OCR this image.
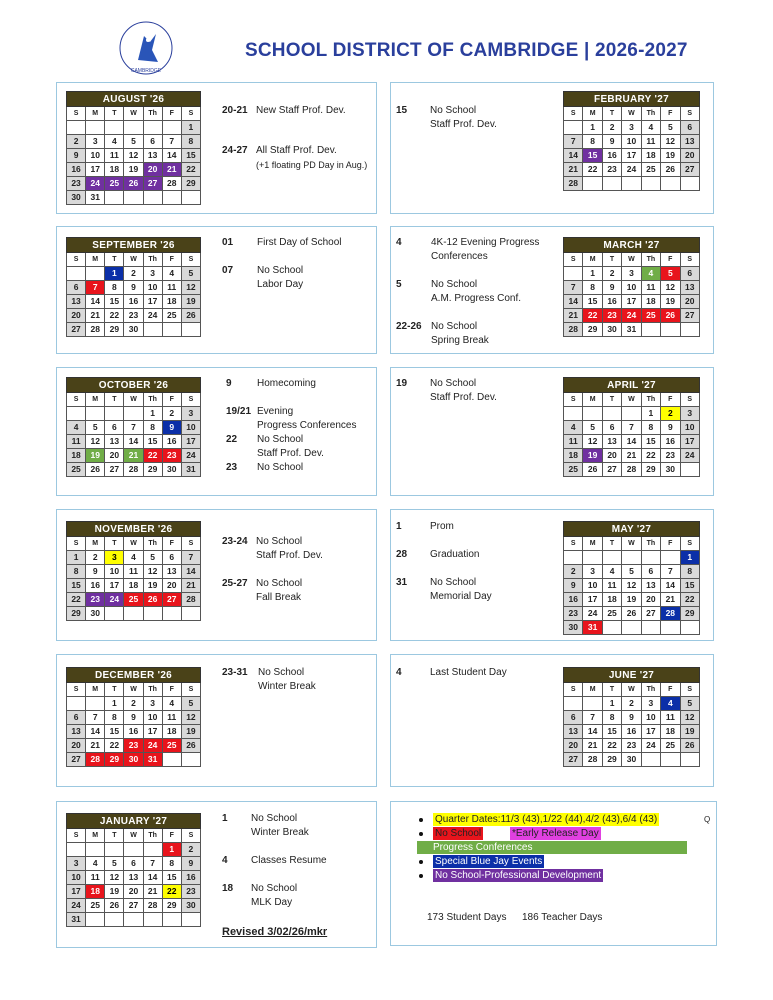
CAMBRIDGE
SCHOOL DISTRICT OF CAMBRIDGE | 2026-2027
AUGUST '26						
S	M	T	W	Th	F	S
						1
2	3	4	5	6	7	8
9	10	11	12	13	14	15
16	17	18	19	20	21	22
23	24	25	26	27	28	29
30	31					
FEBRUARY '27						
S	M	T	W	Th	F	S
	1	2	3	4	5	6
7	8	9	10	11	12	13
14	15	16	17	18	19	20
21	22	23	24	25	26	27
28						
SEPTEMBER '26						
S	M	T	W	Th	F	S
		1	2	3	4	5
6	7	8	9	10	11	12
13	14	15	16	17	18	19
20	21	22	23	24	25	26
27	28	29	30			
MARCH '27						
S	M	T	W	Th	F	S
	1	2	3	4	5	6
7	8	9	10	11	12	13
14	15	16	17	18	19	20
21	22	23	24	25	26	27
28	29	30	31			
OCTOBER '26						
S	M	T	W	Th	F	S
				1	2	3
4	5	6	7	8	9	10
11	12	13	14	15	16	17
18	19	20	21	22	23	24
25	26	27	28	29	30	31
APRIL '27						
S	M	T	W	Th	F	S
				1	2	3
4	5	6	7	8	9	10
11	12	13	14	15	16	17
18	19	20	21	22	23	24
25	26	27	28	29	30	
NOVEMBER '26						
S	M	T	W	Th	F	S
1	2	3	4	5	6	7
8	9	10	11	12	13	14
15	16	17	18	19	20	21
22	23	24	25	26	27	28
29	30					
MAY '27						
S	M	T	W	Th	F	S
						1
2	3	4	5	6	7	8
9	10	11	12	13	14	15
16	17	18	19	20	21	22
23	24	25	26	27	28	29
30	31					
DECEMBER '26						
S	M	T	W	Th	F	S
		1	2	3	4	5
6	7	8	9	10	11	12
13	14	15	16	17	18	19
20	21	22	23	24	25	26
27	28	29	30	31		
JUNE '27						
S	M	T	W	Th	F	S
		1	2	3	4	5
6	7	8	9	10	11	12
13	14	15	16	17	18	19
20	21	22	23	24	25	26
27	28	29	30			
JANUARY '27						
S	M	T	W	Th	F	S
					1	2
3	4	5	6	7	8	9
10	11	12	13	14	15	16
17	18	19	20	21	22	23
24	25	26	27	28	29	30
31						
20-21 New Staff Prof. Dev.
24-27 All Staff Prof. Dev.
(+1 floating PD Day in Aug.)
15 No School
Staff Prof. Dev.
01 First Day of School
07 No School
Labor Day
4	4K-12 Evening Progress
Conferences
5	No School
A.M. Progress Conf.
22-26 No School
Spring Break
9	Homecoming
19/21 Evening
Progress Conferences
22 No School
Staff Prof. Dev.
23 No School
19 No School
Staff Prof. Dev.
23-24 No School
Staff Prof. Dev.
25-27 No School
Fall Break
1	Prom
28 Graduation
31 No School
Memorial Day
23-31 No School
Winter Break
4	Last Student Day
1 No School
Winter Break
4 Classes Resume
18 No School
MLK Day
Revised 3/02/26/mkr
Quarter Dates:11/3 (43),1/22 (44),4/2 (43),6/4 (43)	Q
No School	*Early Release Day
Progress Conferences
Special Blue Jay Events
No School-Professional Development
173 Student Days 186 Teacher Days
